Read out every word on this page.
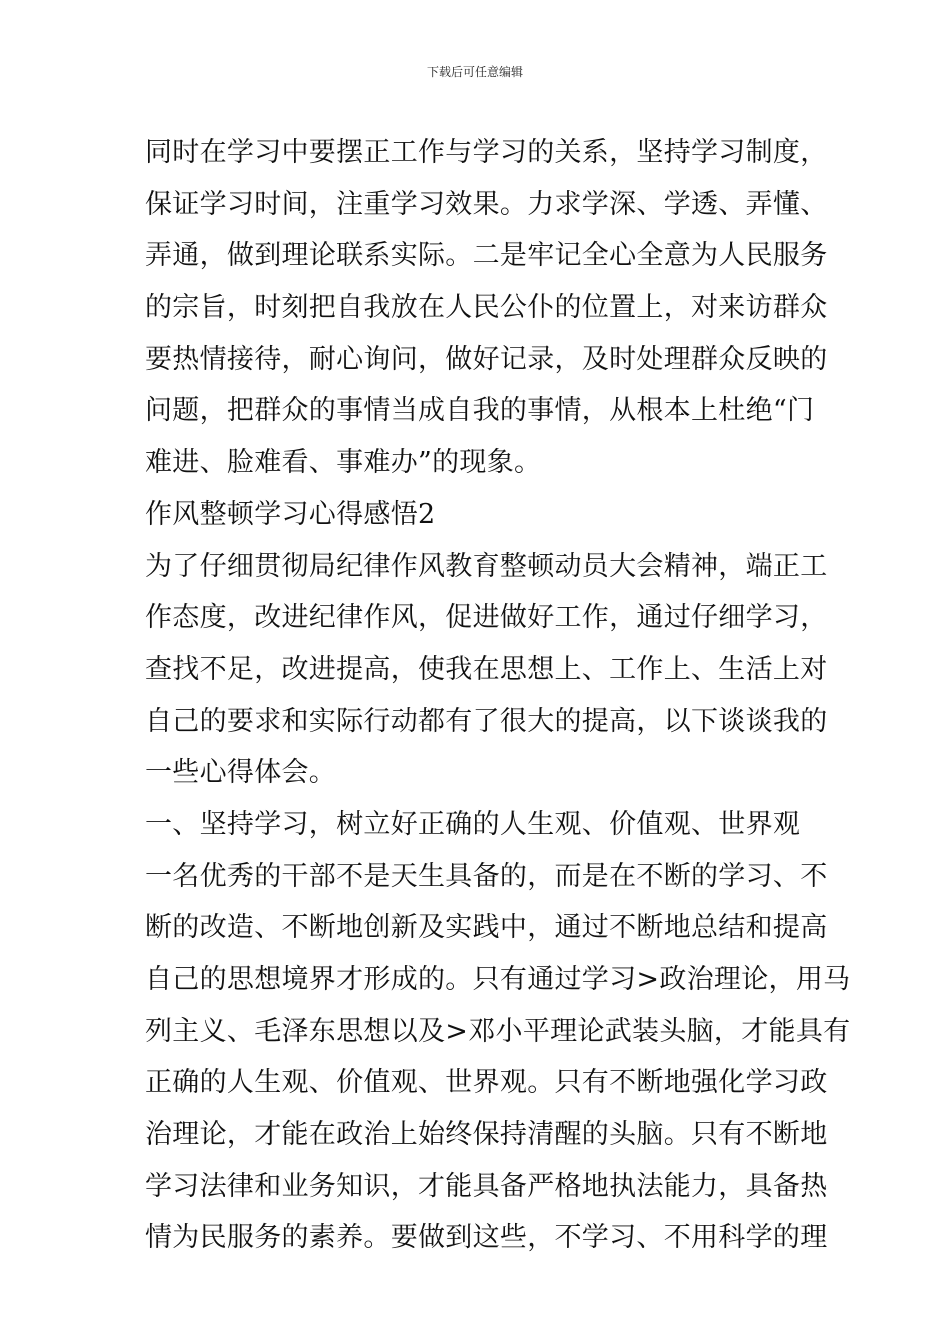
下载后可任意编辑
同时在学习中要摆正工作与学习的关系，坚持学习制度，
保证学习时间，注重学习效果。力求学深、学透、弄懂、
弄通，做到理论联系实际。二是牢记全心全意为人民服务
的宗旨，时刻把自我放在人民公仆的位置上，对来访群众
要热情接待，耐心询问，做好记录，及时处理群众反映的
问题，把群众的事情当成自我的事情，从根本上杜绝“门
难进、脸难看、事难办”的现象。
作风整顿学习心得感悟2
为了仔细贯彻局纪律作风教育整顿动员大会精神，端正工
作态度，改进纪律作风，促进做好工作，通过仔细学习，
查找不足，改进提高，使我在思想上、工作上、生活上对
自己的要求和实际行动都有了很大的提高，以下谈谈我的
一些心得体会。
一、坚持学习，树立好正确的人生观、价值观、世界观
一名优秀的干部不是天生具备的，而是在不断的学习、不
断的改造、不断地创新及实践中，通过不断地总结和提高
自己的思想境界才形成的。只有通过学习>政治理论，用马
列主义、毛泽东思想以及>邓小平理论武装头脑，才能具有
正确的人生观、价值观、世界观。只有不断地强化学习政
治理论，才能在政治上始终保持清醒的头脑。只有不断地
学习法律和业务知识，才能具备严格地执法能力，具备热
情为民服务的素养。要做到这些，不学习、不用科学的理
